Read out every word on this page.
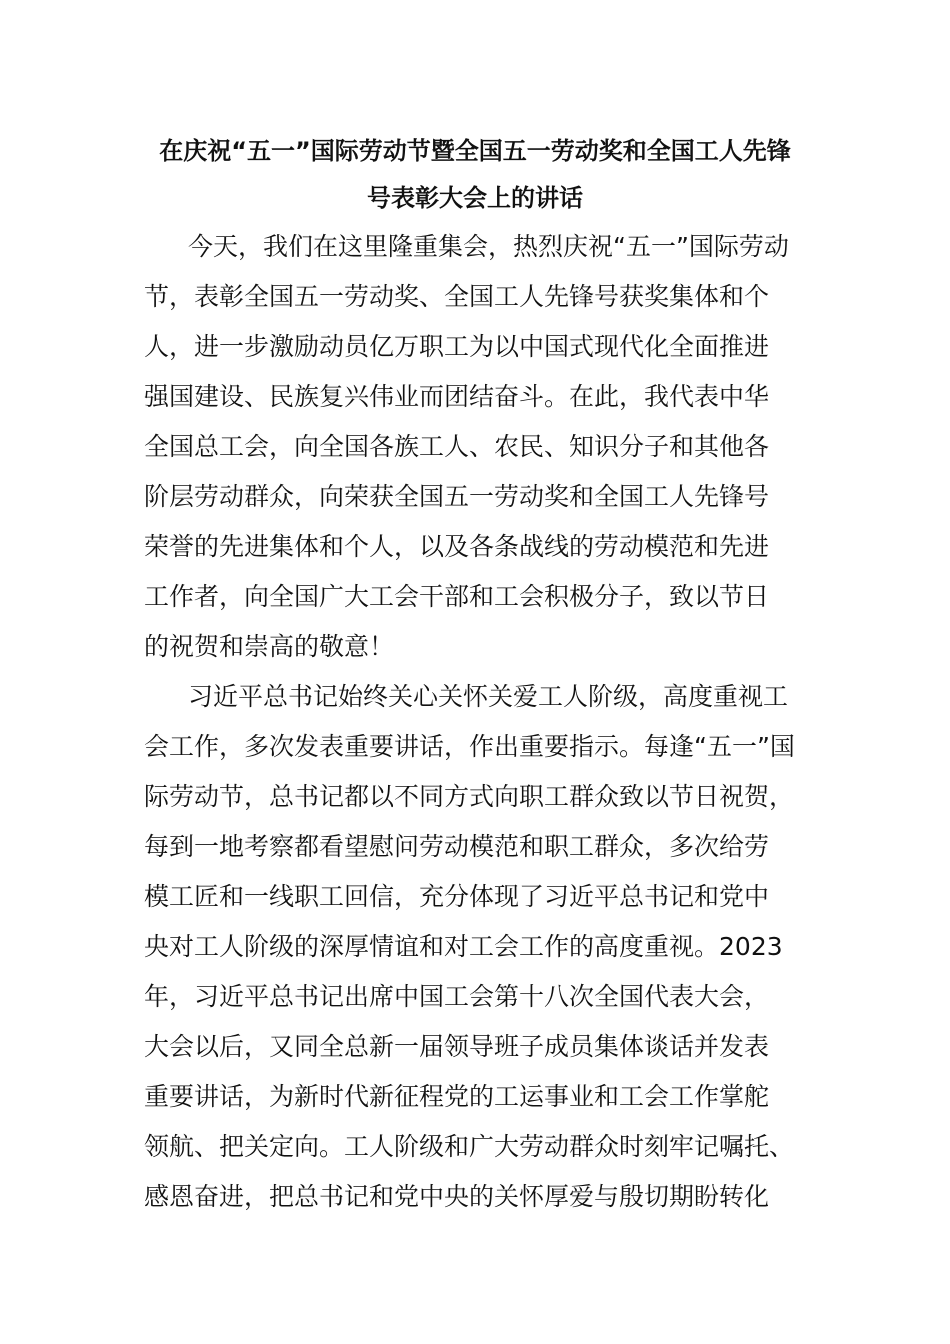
在庆祝“五一”国际劳动节暨全国五一劳动奖和全国工人先锋
号表彰大会上的讲话

今天，我们在这里隆重集会，热烈庆祝“五一”国际劳动
节，表彰全国五一劳动奖、全国工人先锋号获奖集体和个
人，进一步激励动员亿万职工为以中国式现代化全面推进
强国建设、民族复兴伟业而团结奋斗。在此，我代表中华
全国总工会，向全国各族工人、农民、知识分子和其他各
阶层劳动群众，向荣获全国五一劳动奖和全国工人先锋号
荣誉的先进集体和个人，以及各条战线的劳动模范和先进
工作者，向全国广大工会干部和工会积极分子，致以节日
的祝贺和崇高的敬意！

习近平总书记始终关心关怀关爱工人阶级，高度重视工
会工作，多次发表重要讲话，作出重要指示。每逢“五一”国
际劳动节，总书记都以不同方式向职工群众致以节日祝贺，
每到一地考察都看望慰问劳动模范和职工群众，多次给劳
模工匠和一线职工回信，充分体现了习近平总书记和党中
央对工人阶级的深厚情谊和对工会工作的高度重视。2023
年，习近平总书记出席中国工会第十八次全国代表大会，
大会以后，又同全总新一届领导班子成员集体谈话并发表
重要讲话，为新时代新征程党的工运事业和工会工作掌舵
领航、把关定向。工人阶级和广大劳动群众时刻牢记嘱托、
感恩奋进，把总书记和党中央的关怀厚爱与殷切期盼转化
